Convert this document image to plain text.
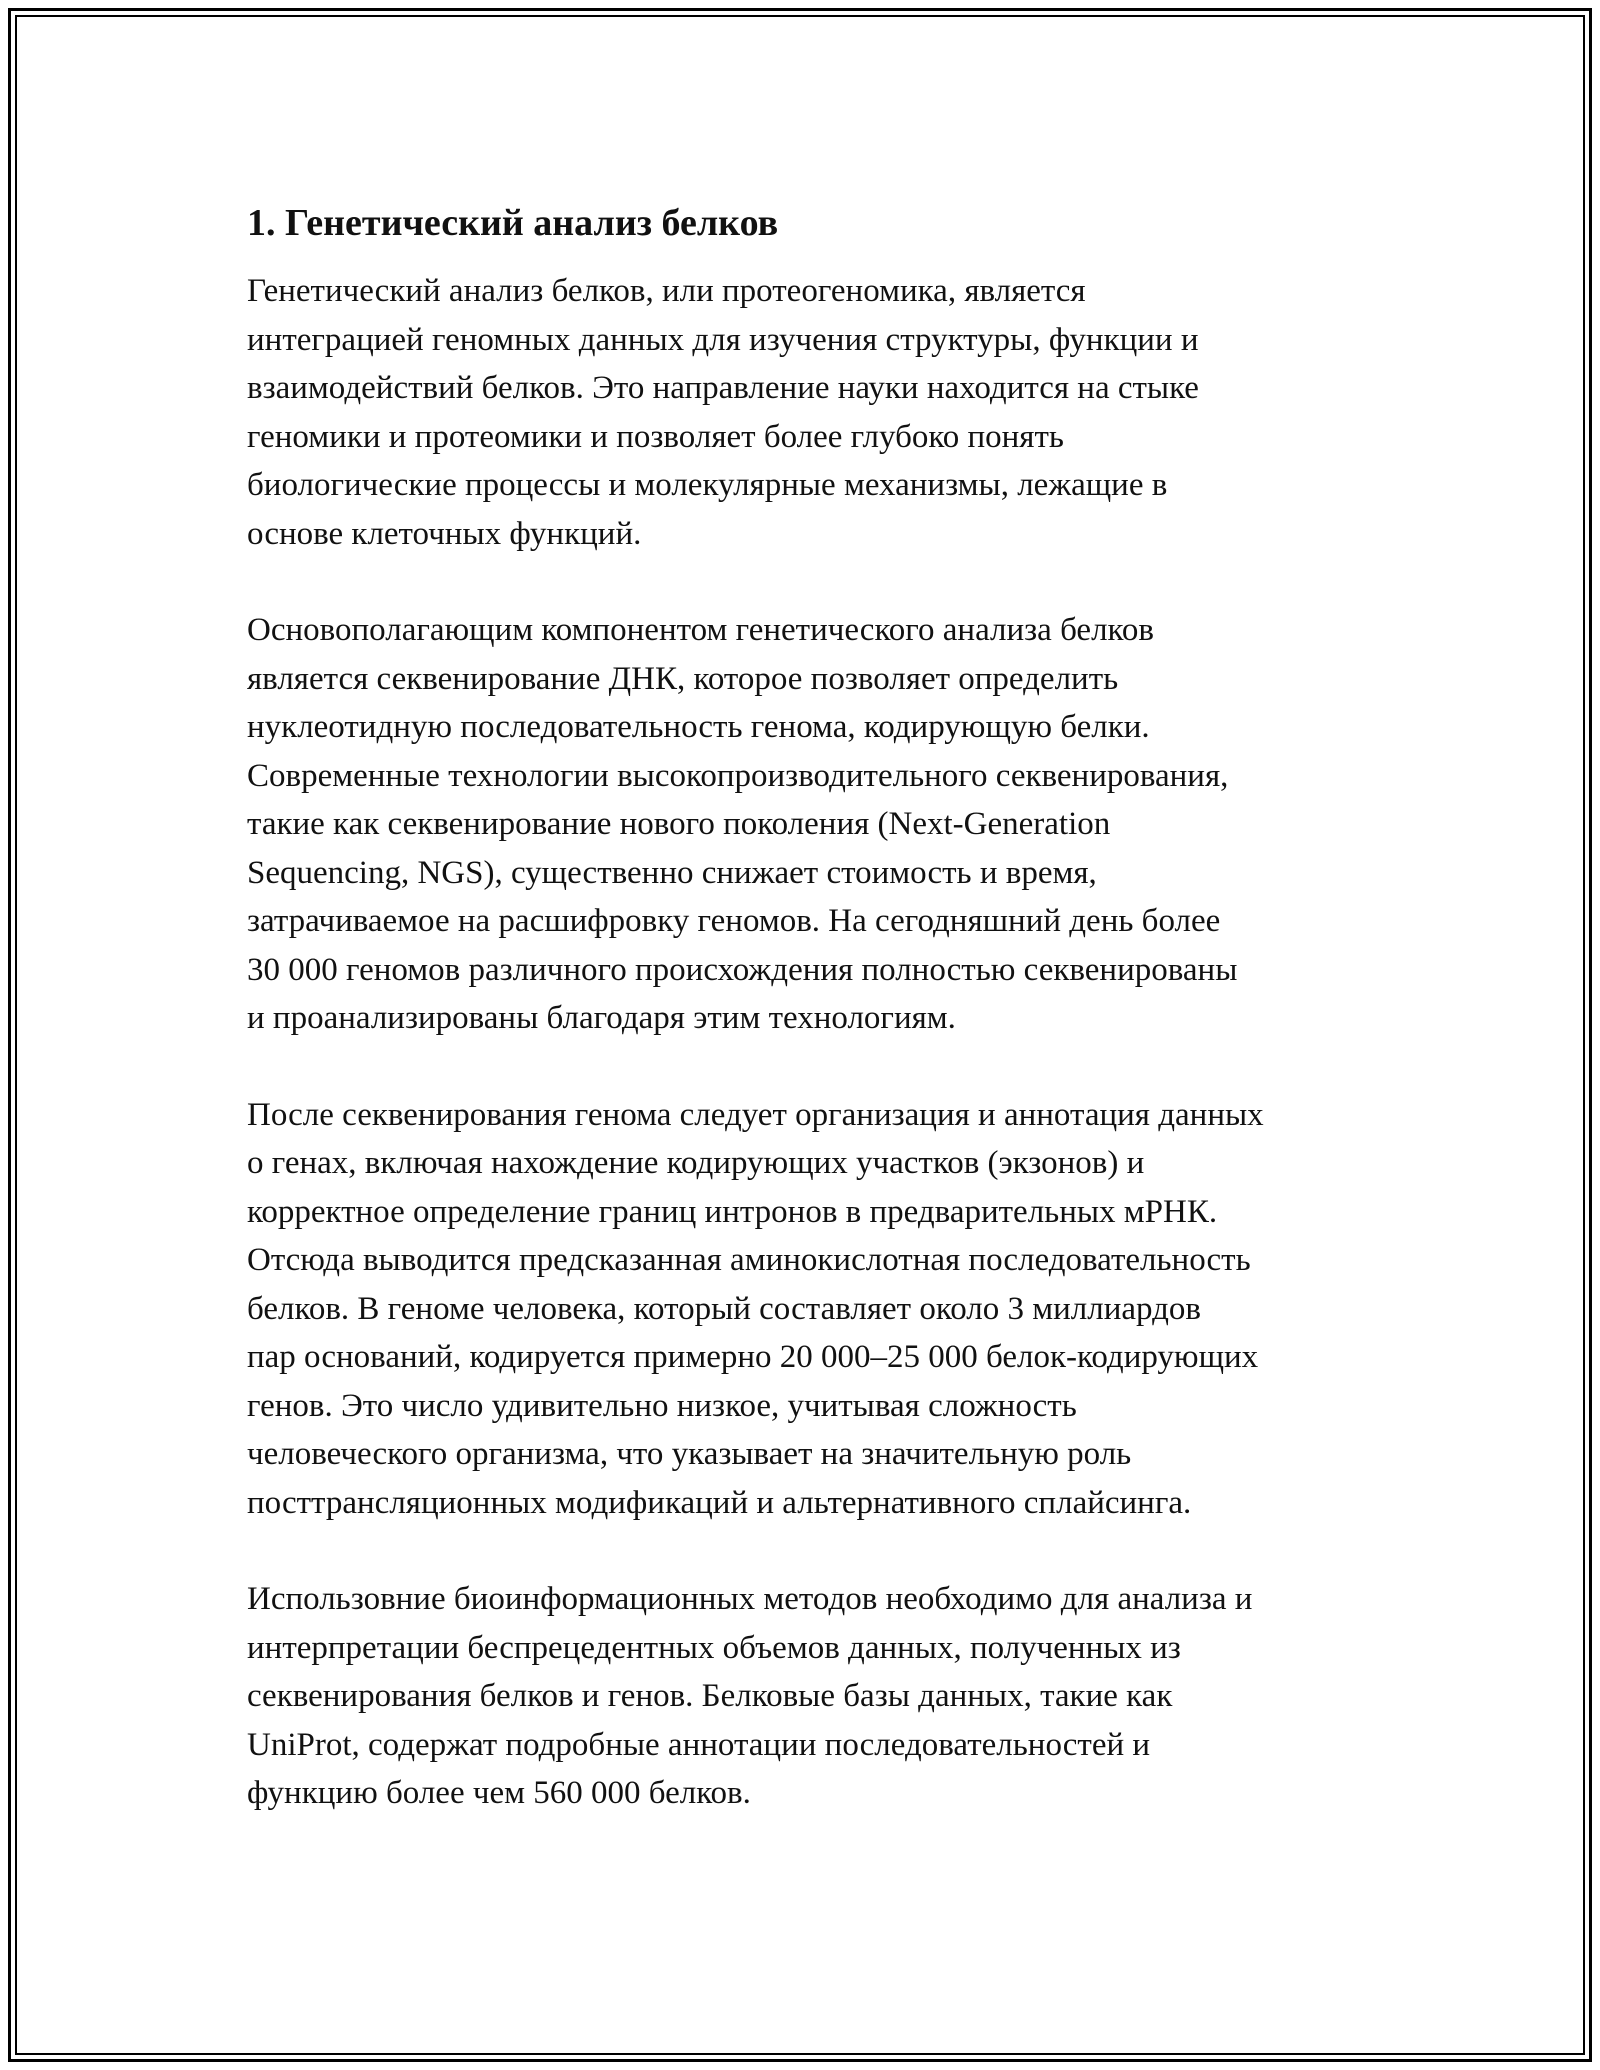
1. Генетический анализ белков

Генетический анализ белков, или протеогеномика, является
интеграцией геномных данных для изучения структуры, функции и
взаимодействий белков. Это направление науки находится на стыке
геномики и протеомики и позволяет более глубоко понять
биологические процессы и молекулярные механизмы, лежащие в
основе клеточных функций.

Основополагающим компонентом генетического анализа белков
является секвенирование ДНК, которое позволяет определить
нуклеотидную последовательность генома, кодирующую белки.
Современные технологии высокопроизводительного секвенирования,
такие как секвенирование нового поколения (Next-Generation
Sequencing, NGS), существенно снижает стоимость и время,
затрачиваемое на расшифровку геномов. На сегодняшний день более
30 000 геномов различного происхождения полностью секвенированы
и проанализированы благодаря этим технологиям.

После секвенирования генома следует организация и аннотация данных
о генах, включая нахождение кодирующих участков (экзонов) и
корректное определение границ интронов в предварительных мРНК.
Отсюда выводится предсказанная аминокислотная последовательность
белков. В геноме человека, который составляет около 3 миллиардов
пар оснований, кодируется примерно 20 000–25 000 белок-кодирующих
генов. Это число удивительно низкое, учитывая сложность
человеческого организма, что указывает на значительную роль
посттрансляционных модификаций и альтернативного сплайсинга.

Использовние биоинформационных методов необходимо для анализа и
интерпретации беспрецедентных объемов данных, полученных из
секвенирования белков и генов. Белковые базы данных, такие как
UniProt, содержат подробные аннотации последовательностей и
функцию более чем 560 000 белков.
